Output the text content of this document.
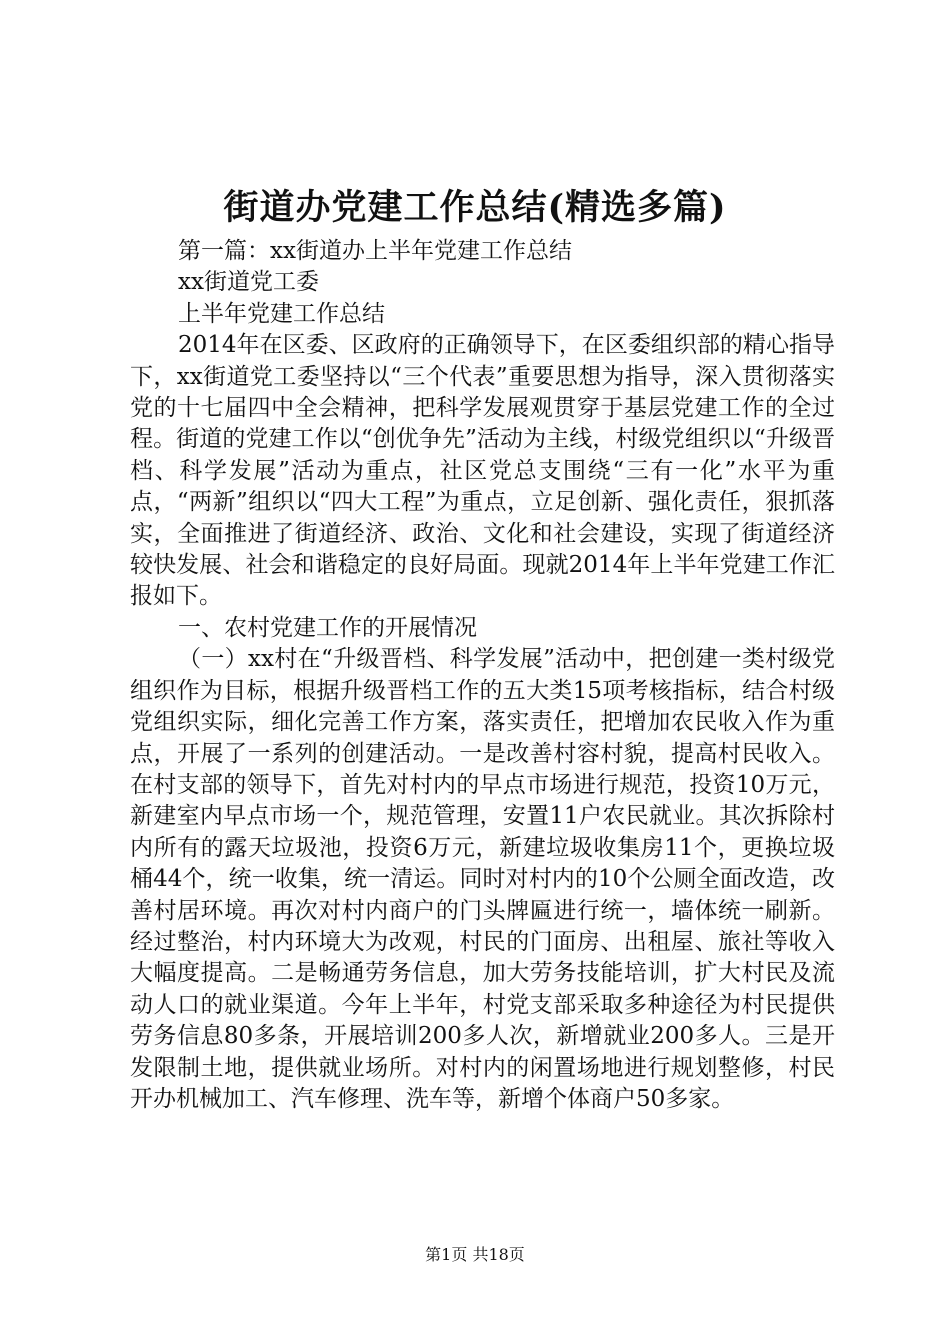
街道办党建工作总结(精选多篇)

第一篇：xx街道办上半年党建工作总结

xx街道党工委

上半年党建工作总结

2014年在区委、区政府的正确领导下，在区委组织部的精心指导下，xx街道党工委坚持以“三个代表”重要思想为指导，深入贯彻落实党的十七届四中全会精神，把科学发展观贯穿于基层党建工作的全过程。街道的党建工作以“创优争先”活动为主线，村级党组织以“升级晋档、科学发展”活动为重点，社区党总支围绕“三有一化”水平为重点，“两新”组织以“四大工程”为重点，立足创新、强化责任，狠抓落实，全面推进了街道经济、政治、文化和社会建设，实现了街道经济较快发展、社会和谐稳定的良好局面。现就2014年上半年党建工作汇报如下。

一、农村党建工作的开展情况

（一）xx村在“升级晋档、科学发展”活动中，把创建一类村级党组织作为目标，根据升级晋档工作的五大类15项考核指标，结合村级党组织实际，细化完善工作方案，落实责任，把增加农民收入作为重点，开展了一系列的创建活动。一是改善村容村貌，提高村民收入。在村支部的领导下，首先对村内的早点市场进行规范，投资10万元，新建室内早点市场一个，规范管理，安置11户农民就业。其次拆除村内所有的露天垃圾池，投资6万元，新建垃圾收集房11个，更换垃圾桶44个，统一收集，统一清运。同时对村内的10个公厕全面改造，改善村居环境。再次对村内商户的门头牌匾进行统一，墙体统一刷新。经过整治，村内环境大为改观，村民的门面房、出租屋、旅社等收入大幅度提高。二是畅通劳务信息，加大劳务技能培训，扩大村民及流动人口的就业渠道。今年上半年，村党支部采取多种途径为村民提供劳务信息80多条，开展培训200多人次，新增就业200多人。三是开发限制土地，提供就业场所。对村内的闲置场地进行规划整修，村民开办机械加工、汽车修理、洗车等，新增个体商户50多家。

第1页 共18页
